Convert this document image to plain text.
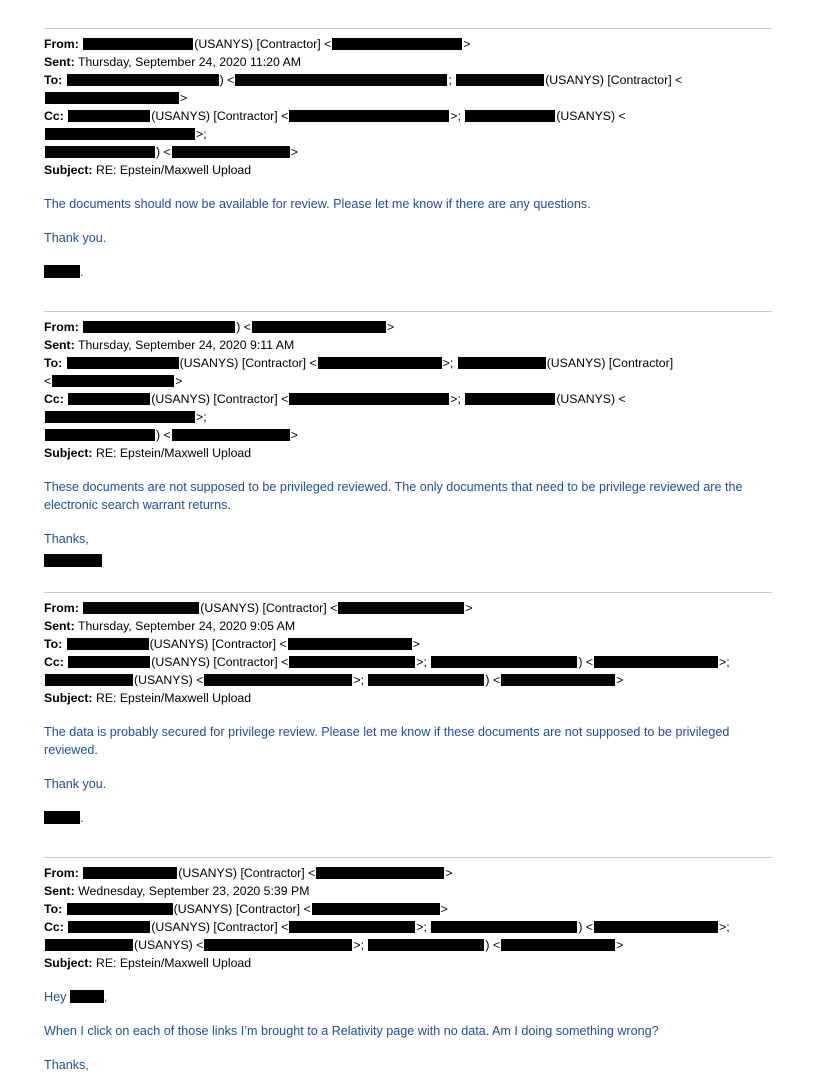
From:	(USANYS) [Contractor] <	>
Sent: Thursday, September 24, 2020 11:20 AM
To:	) <	;	(USANYS) [Contractor] <>
Cc:	(USANYS) [Contractor] <	>;	(USANYS) <>;
) <	>
Subject: RE: Epstein/Maxwell Upload
The documents should now be available for review. Please let me know if there are any questions.
Thank you.
.
From:	) <	>
Sent: Thursday, September 24, 2020 9:11 AM
To:	(USANYS) [Contractor] <	>;	(USANYS) [Contractor]
<	>
Cc:	(USANYS) [Contractor] <	>;	(USANYS) <>;
) <	>
Subject: RE: Epstein/Maxwell Upload
These documents are not supposed to be privileged reviewed. The only documents that need to be privilege reviewed are the electronic search warrant returns.
Thanks,
From:	(USANYS) [Contractor] <	>
Sent: Thursday, September 24, 2020 9:05 AM
To:	(USANYS) [Contractor] <	>
Cc:	(USANYS) [Contractor] <	>;	) <	>;
(USANYS) <	>;	) <	>
Subject: RE: Epstein/Maxwell Upload
The data is probably secured for privilege review. Please let me know if these documents are not supposed to be privileged reviewed.
Thank you.
.
From:	(USANYS) [Contractor] <	>
Sent: Wednesday, September 23, 2020 5:39 PM
To:	(USANYS) [Contractor] <	>
Cc:	(USANYS) [Contractor] <	>;	) <	>;
(USANYS) <	>;	) <	>
Subject: RE: Epstein/Maxwell Upload
Hey	,
When I click on each of those links I’m brought to a Relativity page with no data. Am I doing something wrong?
Thanks,
